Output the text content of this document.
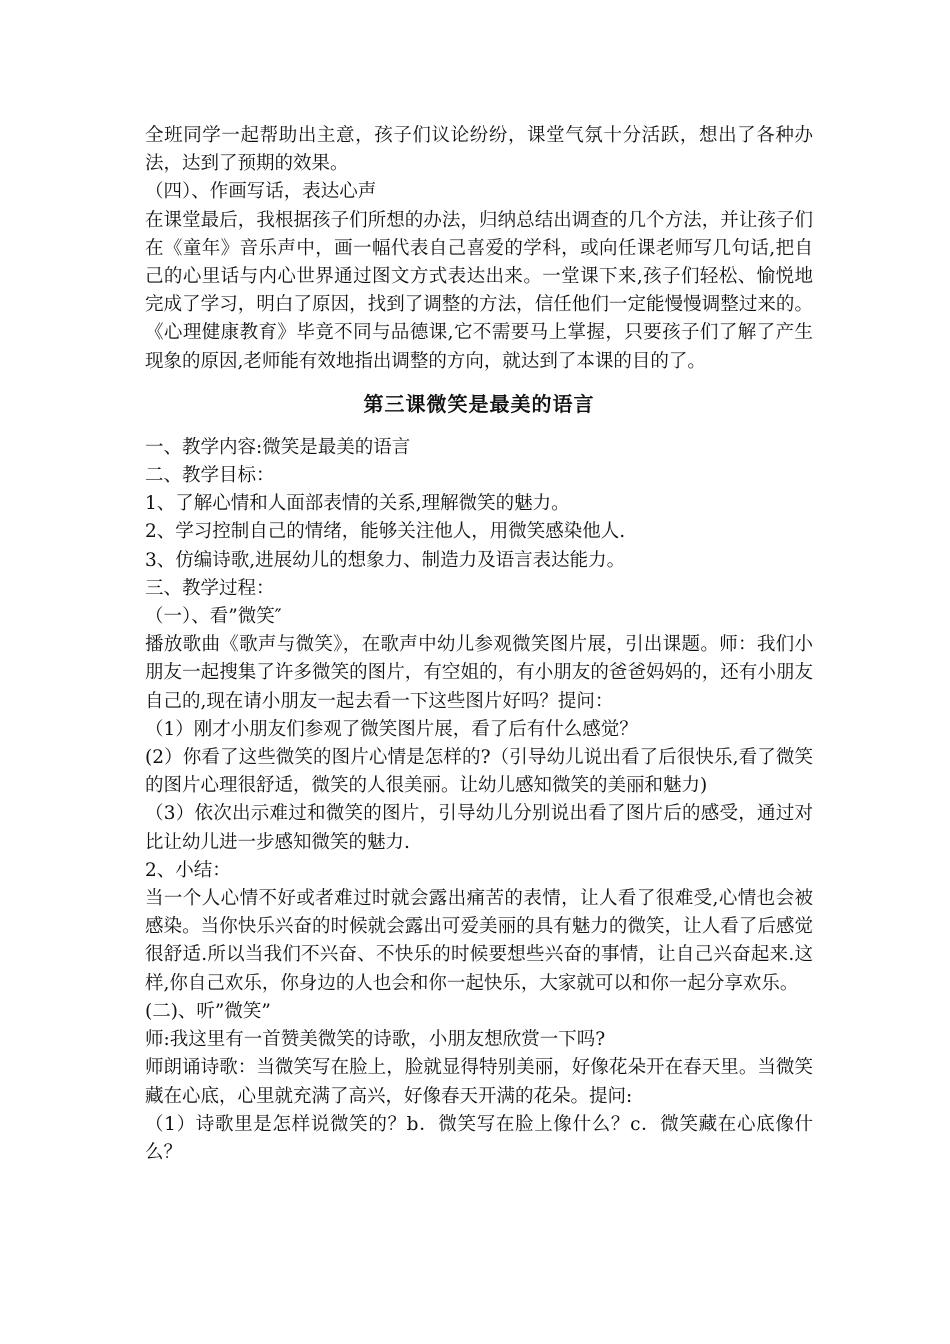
全班同学一起帮助出主意，孩子们议论纷纷，课堂气氛十分活跃，想出了各种办法，达到了预期的效果。

（四）、作画写话，表达心声

在课堂最后，我根据孩子们所想的办法，归纳总结出调查的几个方法，并让孩子们在《童年》音乐声中，画一幅代表自己喜爱的学科，或向任课老师写几句话,把自己的心里话与内心世界通过图文方式表达出来。一堂课下来,孩子们轻松、愉悦地完成了学习，明白了原因，找到了调整的方法，信任他们一定能慢慢调整过来的。《心理健康教育》毕竟不同与品德课,它不需要马上掌握，只要孩子们了解了产生现象的原因,老师能有效地指出调整的方向，就达到了本课的目的了。

第三课微笑是最美的语言

一、教学内容:微笑是最美的语言

二、教学目标：

1、了解心情和人面部表情的关系,理解微笑的魅力。

2、学习控制自己的情绪，能够关注他人，用微笑感染他人.

3、仿编诗歌,进展幼儿的想象力、制造力及语言表达能力。

三、教学过程：

（一）、看”微笑″

播放歌曲《歌声与微笑》，在歌声中幼儿参观微笑图片展，引出课题。师：我们小朋友一起搜集了许多微笑的图片，有空姐的，有小朋友的爸爸妈妈的，还有小朋友自己的,现在请小朋友一起去看一下这些图片好吗？提问：

（1）刚才小朋友们参观了微笑图片展，看了后有什么感觉？

(2）你看了这些微笑的图片心情是怎样的?（引导幼儿说出看了后很快乐,看了微笑的图片心理很舒适，微笑的人很美丽。让幼儿感知微笑的美丽和魅力)

（3）依次出示难过和微笑的图片，引导幼儿分别说出看了图片后的感受，通过对比让幼儿进一步感知微笑的魅力.

2、小结：

当一个人心情不好或者难过时就会露出痛苦的表情，让人看了很难受,心情也会被感染。当你快乐兴奋的时候就会露出可爱美丽的具有魅力的微笑，让人看了后感觉很舒适.所以当我们不兴奋、不快乐的时候要想些兴奋的事情，让自己兴奋起来.这样,你自己欢乐，你身边的人也会和你一起快乐，大家就可以和你一起分享欢乐。

(二)、听”微笑”

师:我这里有一首赞美微笑的诗歌，小朋友想欣赏一下吗?

师朗诵诗歌：当微笑写在脸上，脸就显得特别美丽，好像花朵开在春天里。当微笑藏在心底，心里就充满了高兴，好像春天开满的花朵。提问:

（1）诗歌里是怎样说微笑的？b．微笑写在脸上像什么？c．微笑藏在心底像什么？
